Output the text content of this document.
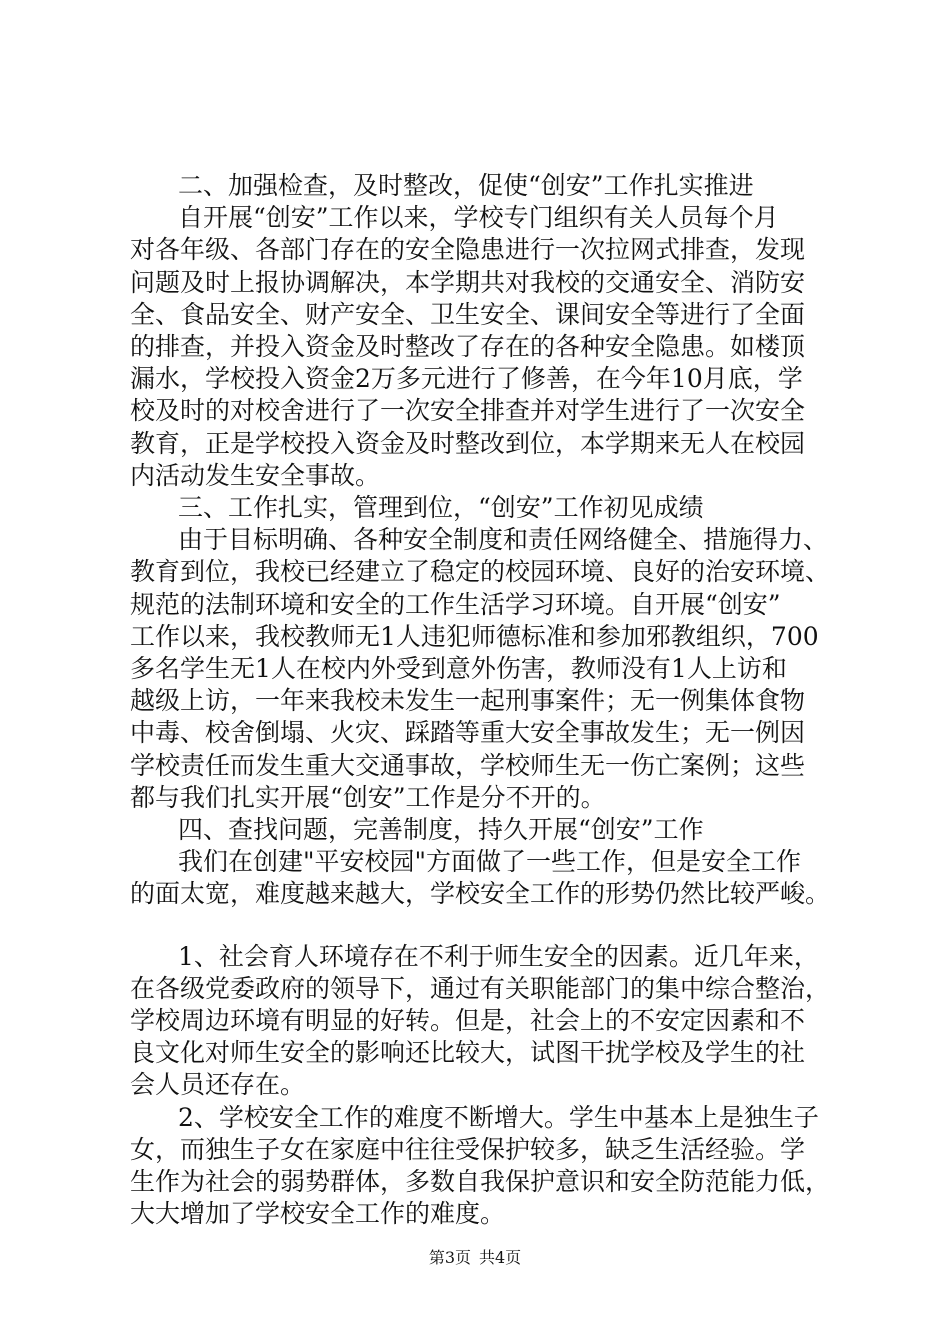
二、加强检查，及时整改，促使“创安”工作扎实推进
自开展“创安”工作以来，学校专门组织有关人员每个月
对各年级、各部门存在的安全隐患进行一次拉网式排查，发现
问题及时上报协调解决，本学期共对我校的交通安全、消防安
全、食品安全、财产安全、卫生安全、课间安全等进行了全面
的排查，并投入资金及时整改了存在的各种安全隐患。如楼顶
漏水，学校投入资金2万多元进行了修善，在今年10月底，学
校及时的对校舍进行了一次安全排查并对学生进行了一次安全
教育，正是学校投入资金及时整改到位，本学期来无人在校园
内活动发生安全事故。
三、工作扎实，管理到位，“创安”工作初见成绩
由于目标明确、各种安全制度和责任网络健全、措施得力、
教育到位，我校已经建立了稳定的校园环境、良好的治安环境、
规范的法制环境和安全的工作生活学习环境。自开展“创安”
工作以来，我校教师无1人违犯师德标准和参加邪教组织，700
多名学生无1人在校内外受到意外伤害，教师没有1人上访和
越级上访，一年来我校未发生一起刑事案件；无一例集体食物
中毒、校舍倒塌、火灾、踩踏等重大安全事故发生；无一例因
学校责任而发生重大交通事故，学校师生无一伤亡案例；这些
都与我们扎实开展“创安”工作是分不开的。
四、查找问题，完善制度，持久开展“创安”工作
我们在创建"平安校园"方面做了一些工作，但是安全工作
的面太宽，难度越来越大，学校安全工作的形势仍然比较严峻。
1、社会育人环境存在不利于师生安全的因素。近几年来，
在各级党委政府的领导下，通过有关职能部门的集中综合整治，
学校周边环境有明显的好转。但是，社会上的不安定因素和不
良文化对师生安全的影响还比较大，试图干扰学校及学生的社
会人员还存在。
2、学校安全工作的难度不断增大。学生中基本上是独生子
女，而独生子女在家庭中往往受保护较多，缺乏生活经验。学
生作为社会的弱势群体，多数自我保护意识和安全防范能力低，
大大增加了学校安全工作的难度。
第3页 共4页
